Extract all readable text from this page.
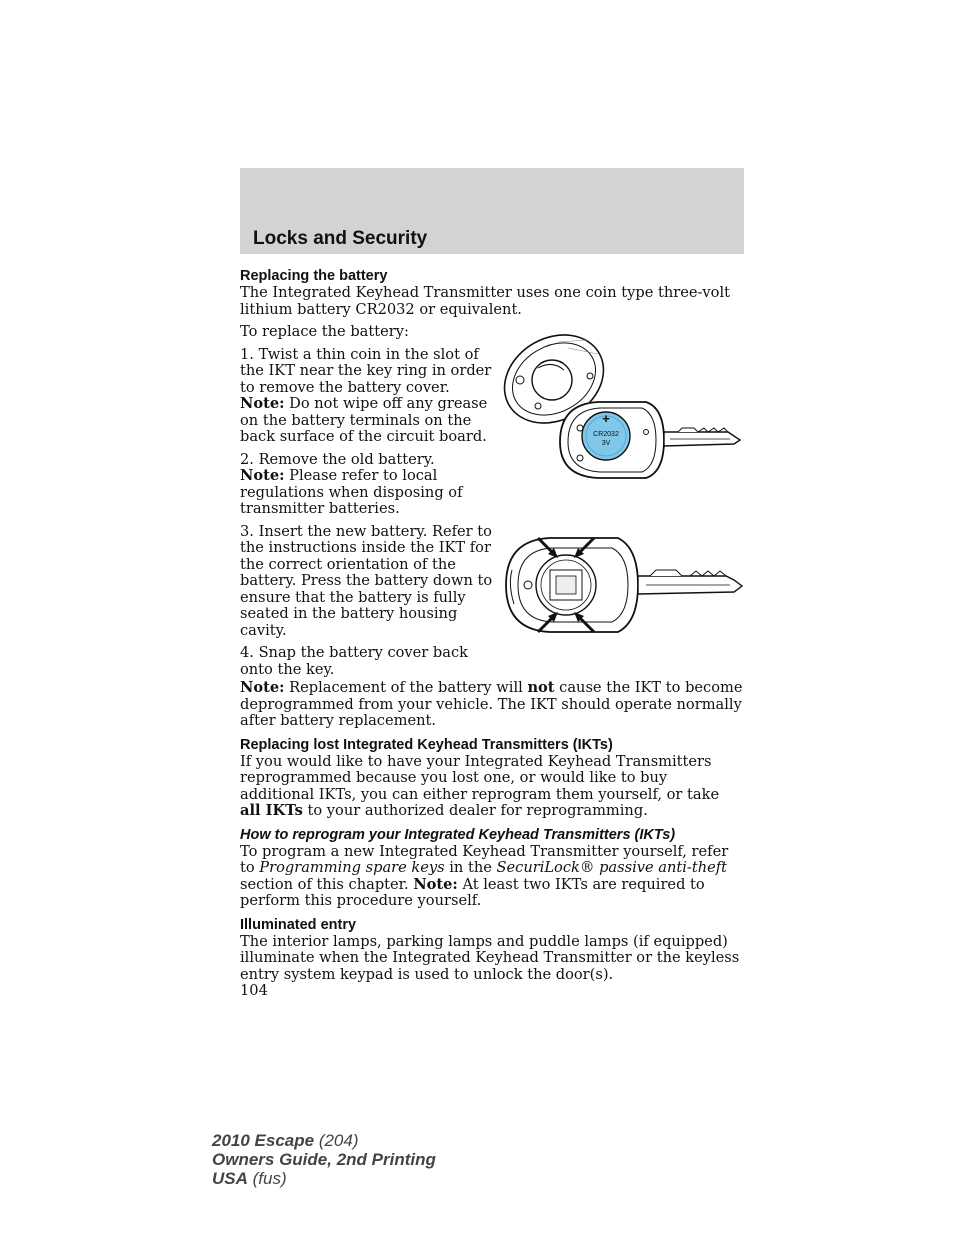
Locks and Security
+
CR2032
3V
Replacing the battery

The Integrated Keyhead Transmitter uses one coin type three-volt lithium battery CR2032 or equivalent.

To replace the battery:

1. Twist a thin coin in the slot of the IKT near the key ring in order to remove the battery cover.
Note: Do not wipe off any grease on the battery terminals on the back surface of the circuit board.

2. Remove the old battery.
Note: Please refer to local regulations when disposing of transmitter batteries.

3. Insert the new battery. Refer to the instructions inside the IKT for the correct orientation of the battery. Press the battery down to ensure that the battery is fully seated in the battery housing cavity.

4. Snap the battery cover back onto the key.

Note: Replacement of the battery will not cause the IKT to become deprogrammed from your vehicle. The IKT should operate normally after battery replacement.

Replacing lost Integrated Keyhead Transmitters (IKTs)

If you would like to have your Integrated Keyhead Transmitters reprogrammed because you lost one, or would like to buy additional IKTs, you can either reprogram them yourself, or take all IKTs to your authorized dealer for reprogramming.

How to reprogram your Integrated Keyhead Transmitters (IKTs)

To program a new Integrated Keyhead Transmitter yourself, refer to Programming spare keys in the SecuriLock® passive anti-theft section of this chapter. Note: At least two IKTs are required to perform this procedure yourself.

Illuminated entry

The interior lamps, parking lamps and puddle lamps (if equipped) illuminate when the Integrated Keyhead Transmitter or the keyless entry system keypad is used to unlock the door(s).

104

2010 Escape (204)
Owners Guide, 2nd Printing
USA (fus)
